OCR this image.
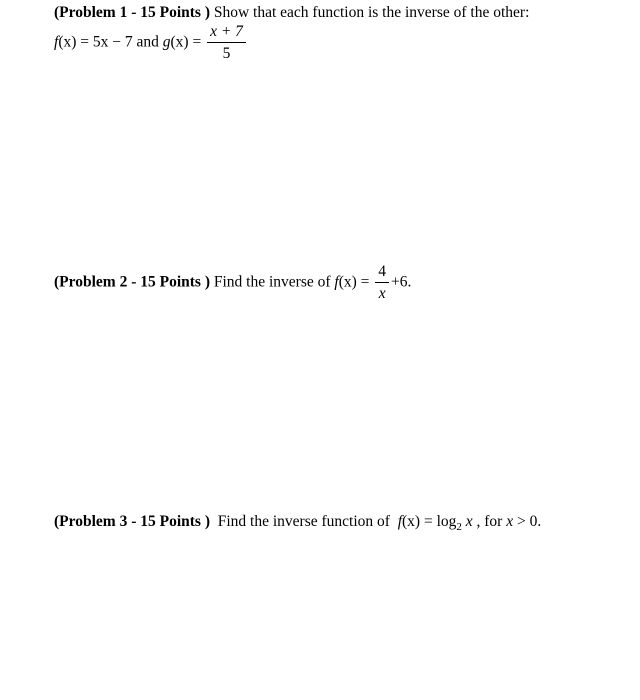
(Problem 1 - 15 Points ) Show that each function is the inverse of the other:
f(x) = 5x − 7 and $g(x) = \frac{x + 7}{5}$
(Problem 2 - 15 Points ) Find the inverse of $f(x) = \frac{4}{x} +6$.
(Problem 3 - 15 Points ) Find the inverse function of $f(x) = \log_2 x$ , for x > 0.
